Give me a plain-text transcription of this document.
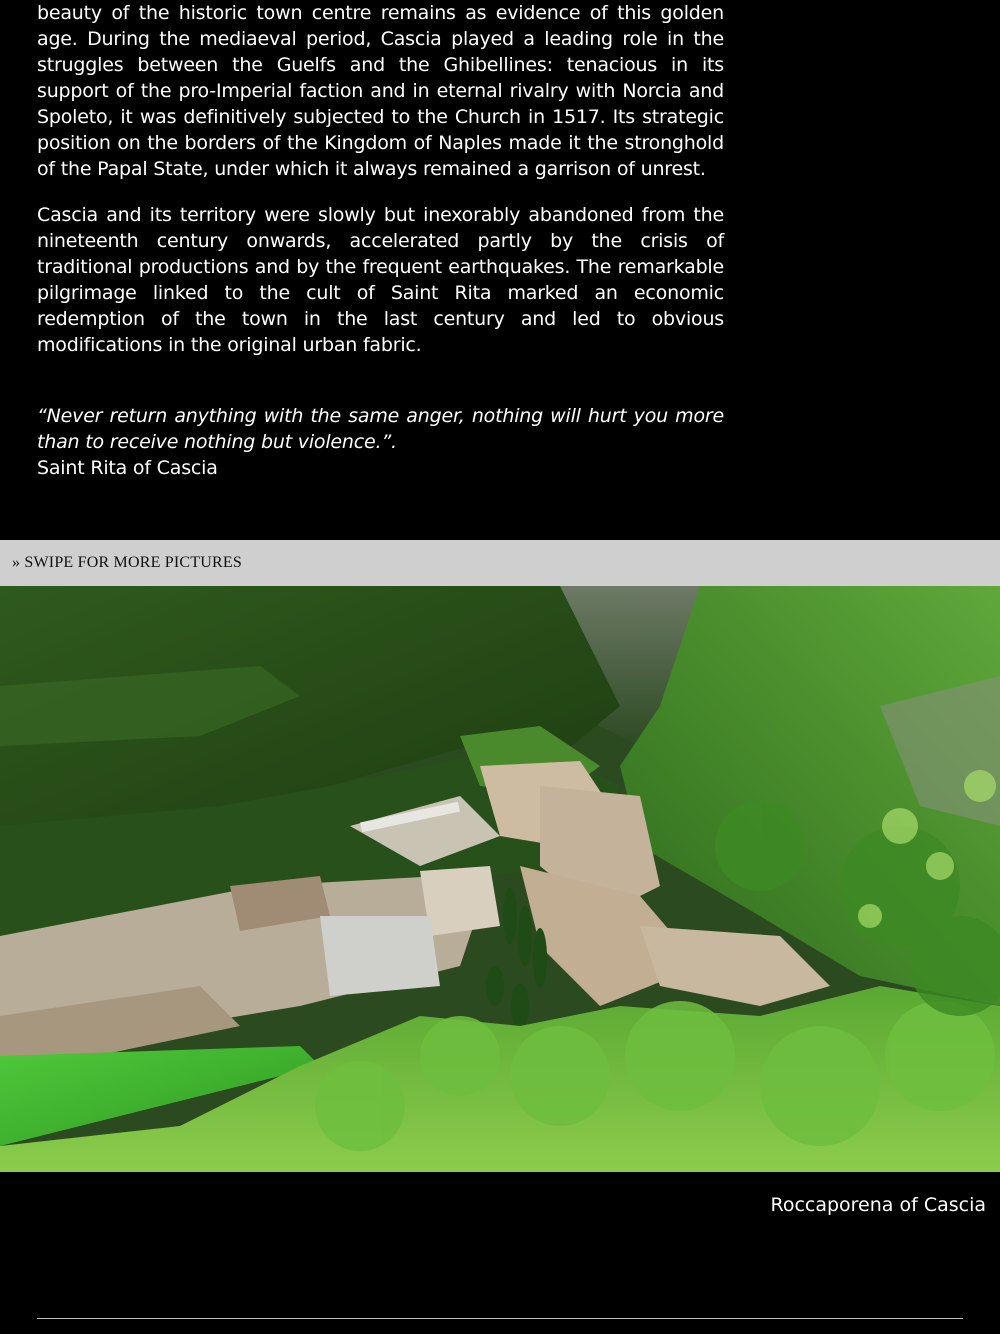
beauty of the historic town centre remains as evidence of this golden age. During the mediaeval period, Cascia played a leading role in the struggles between the Guelfs and the Ghibellines: tenacious in its support of the pro-Imperial faction and in eternal rivalry with Norcia and Spoleto, it was definitively subjected to the Church in 1517. Its strategic position on the borders of the Kingdom of Naples made it the stronghold of the Papal State, under which it always remained a garrison of unrest.

Cascia and its territory were slowly but inexorably abandoned from the nineteenth century onwards, accelerated partly by the crisis of traditional productions and by the frequent earthquakes. The remarkable pilgrimage linked to the cult of Saint Rita marked an economic redemption of the town in the last century and led to obvious modifications in the original urban fabric.

“Never return anything with the same anger, nothing will hurt you more than to receive nothing but violence.”.

Saint Rita of Cascia

» SWIPE FOR MORE PICTURES
Roccaporena of Cascia
